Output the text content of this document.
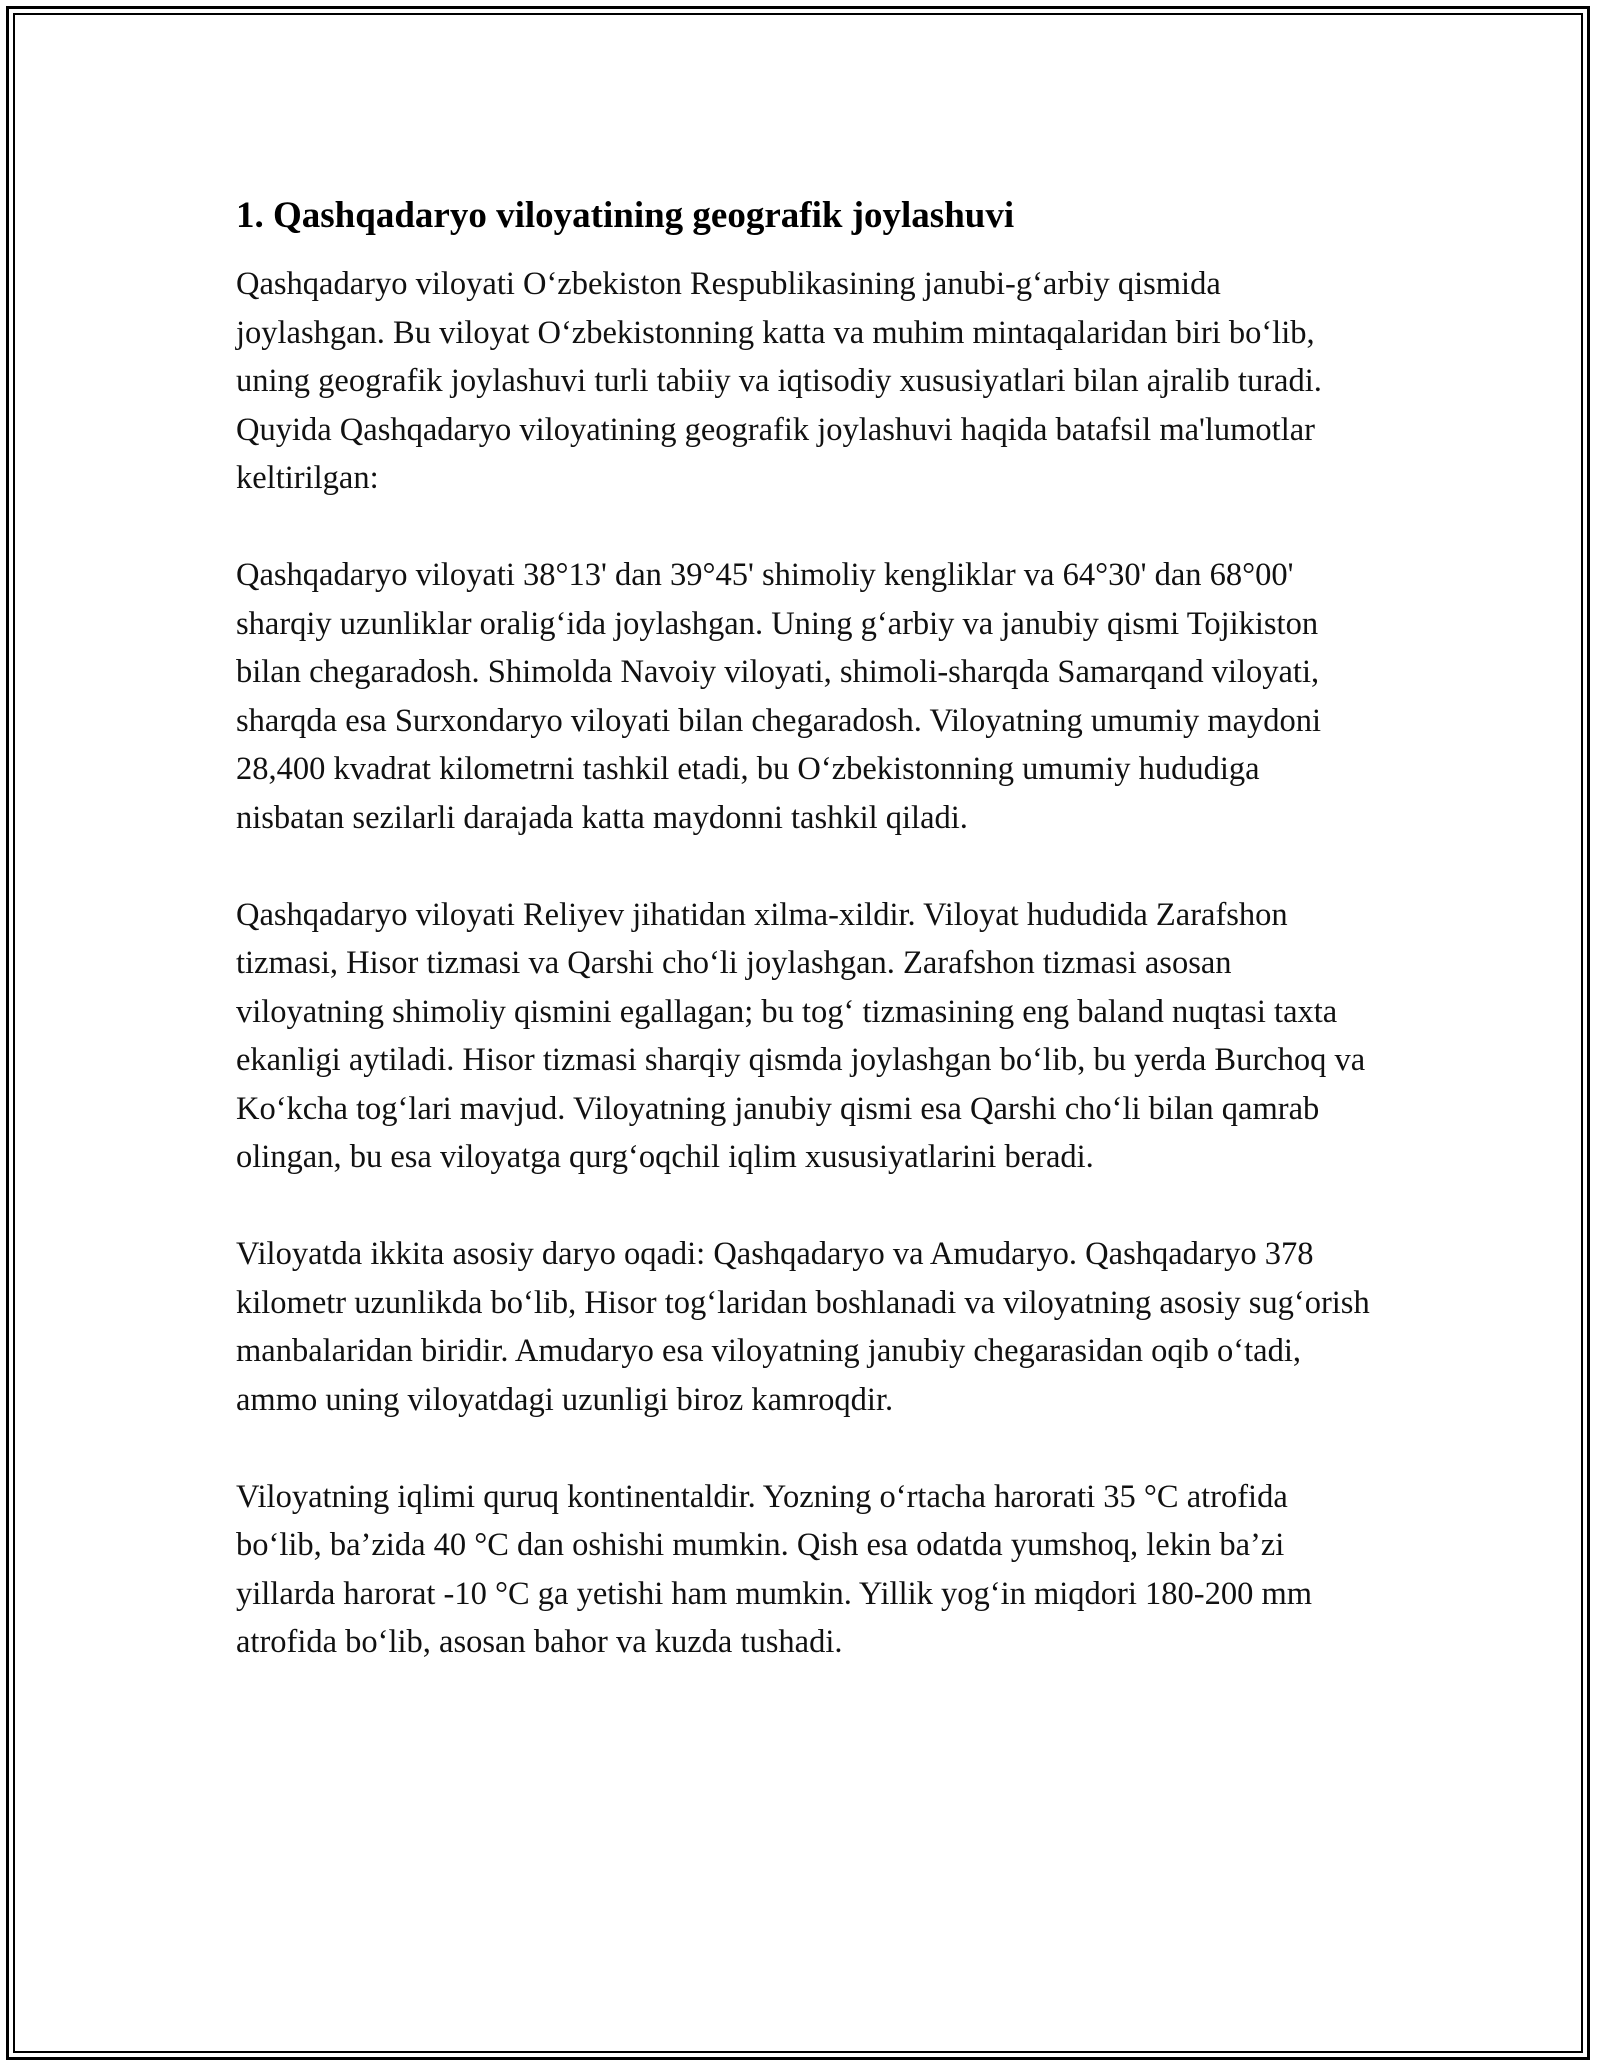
1. Qashqadaryo viloyatining geografik joylashuvi

Qashqadaryo viloyati O‘zbekiston Respublikasining janubi-g‘arbiy qismida joylashgan. Bu viloyat O‘zbekistonning katta va muhim mintaqalaridan biri bo‘lib, uning geografik joylashuvi turli tabiiy va iqtisodiy xususiyatlari bilan ajralib turadi. Quyida Qashqadaryo viloyatining geografik joylashuvi haqida batafsil ma'lumotlar keltirilgan:

Qashqadaryo viloyati 38°13' dan 39°45' shimoliy kengliklar va 64°30' dan 68°00' sharqiy uzunliklar oralig‘ida joylashgan. Uning g‘arbiy va janubiy qismi Tojikiston bilan chegaradosh. Shimolda Navoiy viloyati, shimoli-sharqda Samarqand viloyati, sharqda esa Surxondaryo viloyati bilan chegaradosh. Viloyatning umumiy maydoni 28,400 kvadrat kilometrni tashkil etadi, bu O‘zbekistonning umumiy hududiga nisbatan sezilarli darajada katta maydonni tashkil qiladi.

Qashqadaryo viloyati Reliyev jihatidan xilma-xildir. Viloyat hududida Zarafshon tizmasi, Hisor tizmasi va Qarshi cho‘li joylashgan. Zarafshon tizmasi asosan viloyatning shimoliy qismini egallagan; bu tog‘ tizmasining eng baland nuqtasi taxta ekanligi aytiladi. Hisor tizmasi sharqiy qismda joylashgan bo‘lib, bu yerda Burchoq va Ko‘kcha tog‘lari mavjud. Viloyatning janubiy qismi esa Qarshi cho‘li bilan qamrab olingan, bu esa viloyatga qurg‘oqchil iqlim xususiyatlarini beradi.

Viloyatda ikkita asosiy daryo oqadi: Qashqadaryo va Amudaryo. Qashqadaryo 378 kilometr uzunlikda bo‘lib, Hisor tog‘laridan boshlanadi va viloyatning asosiy sug‘orish manbalaridan biridir. Amudaryo esa viloyatning janubiy chegarasidan oqib o‘tadi, ammo uning viloyatdagi uzunligi biroz kamroqdir.

Viloyatning iqlimi quruq kontinentaldir. Yozning o‘rtacha harorati 35 °C atrofida bo‘lib, ba’zida 40 °C dan oshishi mumkin. Qish esa odatda yumshoq, lekin ba’zi yillarda harorat -10 °C ga yetishi ham mumkin. Yillik yog‘in miqdori 180-200 mm atrofida bo‘lib, asosan bahor va kuzda tushadi.
